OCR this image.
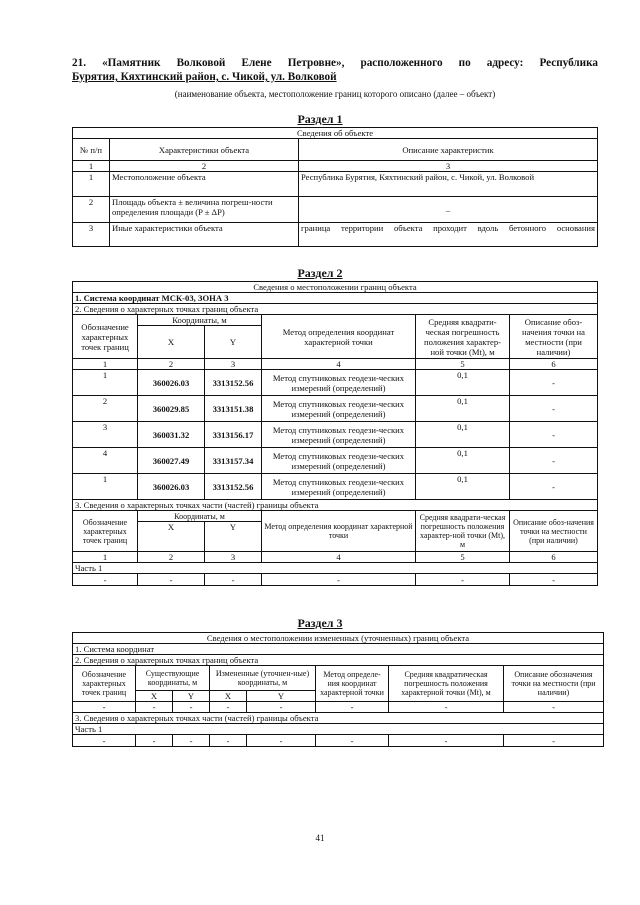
21. «Памятник Волковой Елене Петровне», расположенного по адресу: Республика
Бурятия, Кяхтинский район, с. Чикой, ул. Волковой
(наименование объекта, местоположение границ которого описано (далее – объект)
Раздел 1
Сведения об объекте		
№ п/п	Характеристики объекта	Описание характеристик
1	2	3
1	Местоположение объекта	Республика Бурятия, Кяхтинский район, с. Чикой, ул. Волковой
2	Площадь объекта ± величина погреш-ности определения площади (P ± ΔP)	–
3	Иные характеристики объекта	граница территории объекта проходит вдоль бетонного основания
Раздел 2
Сведения о местоположении границ объекта					
1. Система координат МСК-03, ЗОНА 3					
2. Сведения о характерных точках границ объекта					
Обозначение характерных точек границ	Координаты, м		Метод определения координат характерной точки	Средняя квадрати-ческая погрешность положения характер-ной точки (Mt), м	Описание обоз-начения точки на местности (при наличии)
	X	Y			
1	2	3	4	5	6
1	360026.03	3313152.56	Метод спутниковых геодези-ческих измерений (определений)	0,1	-
2	360029.85	3313151.38	Метод спутниковых геодези-ческих измерений (определений)	0,1	-
3	360031.32	3313156.17	Метод спутниковых геодези-ческих измерений (определений)	0,1	-
4	360027.49	3313157.34	Метод спутниковых геодези-ческих измерений (определений)	0,1	-
1	360026.03	3313152.56	Метод спутниковых геодези-ческих измерений (определений)	0,1	-
3. Сведения о характерных точках части (частей) границы объекта					
Обозначение характерных точек границ	Координаты, м		Метод определения координат характерной точки	Средняя квадрати-ческая погрешность положения характер-ной точки (Mt), м	Описание обоз-начения точки на местности (при наличии)
	X	Y			
1	2	3	4	5	6
Часть 1					
-	-	-	-	-	-
Раздел 3
Сведения о местоположении измененных (уточненных) границ объекта							
1. Система координат							
2. Сведения о характерных точках границ объекта							
Обозначение характерных точек границ	Существующие координаты, м		Измененные (уточнен-ные) координаты, м		Метод определе-ния координат характерной точки	Средняя квадратическая погрешность положения характерной точки (Mt), м	Описание обозначения точки на местности (при наличии)
	X	Y	X	Y			
-	-	-	-	-	-	-	-
3. Сведения о характерных точках части (частей) границы объекта							
Часть 1							
-	-	-	-	-	-	-	-
41
